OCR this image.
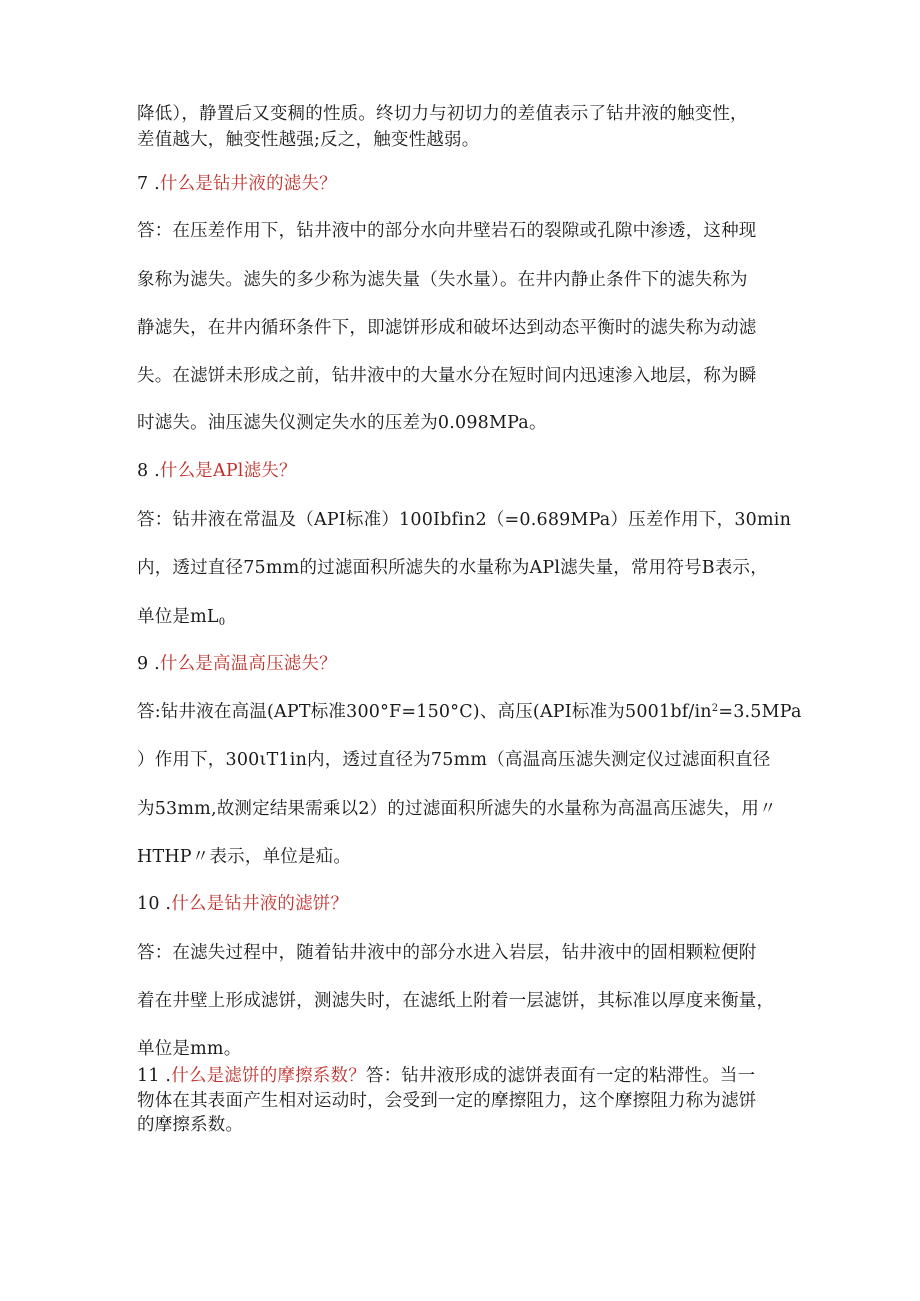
降低），静置后又变稠的性质。终切力与初切力的差值表示了钻井液的触变性，
差值越大，触变性越强;反之，触变性越弱。
7 .什么是钻井液的滤失？
答：在压差作用下，钻井液中的部分水向井壁岩石的裂隙或孔隙中渗透，这种现
象称为滤失。滤失的多少称为滤失量（失水量）。在井内静止条件下的滤失称为
静滤失，在井内循环条件下，即滤饼形成和破坏达到动态平衡时的滤失称为动滤
失。在滤饼未形成之前，钻井液中的大量水分在短时间内迅速渗入地层，称为瞬
时滤失。油压滤失仪测定失水的压差为0.098MPa。
8 .什么是APl滤失？
答：钻井液在常温及（API标准）100Ibfin2（=0.689MPa）压差作用下，30min
内，透过直径75mm的过滤面积所滤失的水量称为APl滤失量，常用符号B表示，
单位是$mL_0$
9 .什么是高温高压滤失？
答:钻井液在高温(APT标准300°F=150°C)、高压(API标准为$5001bf/in^2=3.5MPa$
）作用下，300ιT1in内，透过直径为75mm（高温高压滤失测定仪过滤面积直径
为53mm,故测定结果需乘以2）的过滤面积所滤失的水量称为高温高压滤失，用〃
HTHP〃表示，单位是疝。
10 .什么是钻井液的滤饼？
答：在滤失过程中，随着钻井液中的部分水进入岩层，钻井液中的固相颗粒便附
着在井壁上形成滤饼，测滤失时，在滤纸上附着一层滤饼，其标准以厚度来衡量，
单位是mm。
11 .什么是滤饼的摩擦系数？答：钻井液形成的滤饼表面有一定的粘滞性。当一
物体在其表面产生相对运动时，会受到一定的摩擦阻力，这个摩擦阻力称为滤饼
的摩擦系数。
